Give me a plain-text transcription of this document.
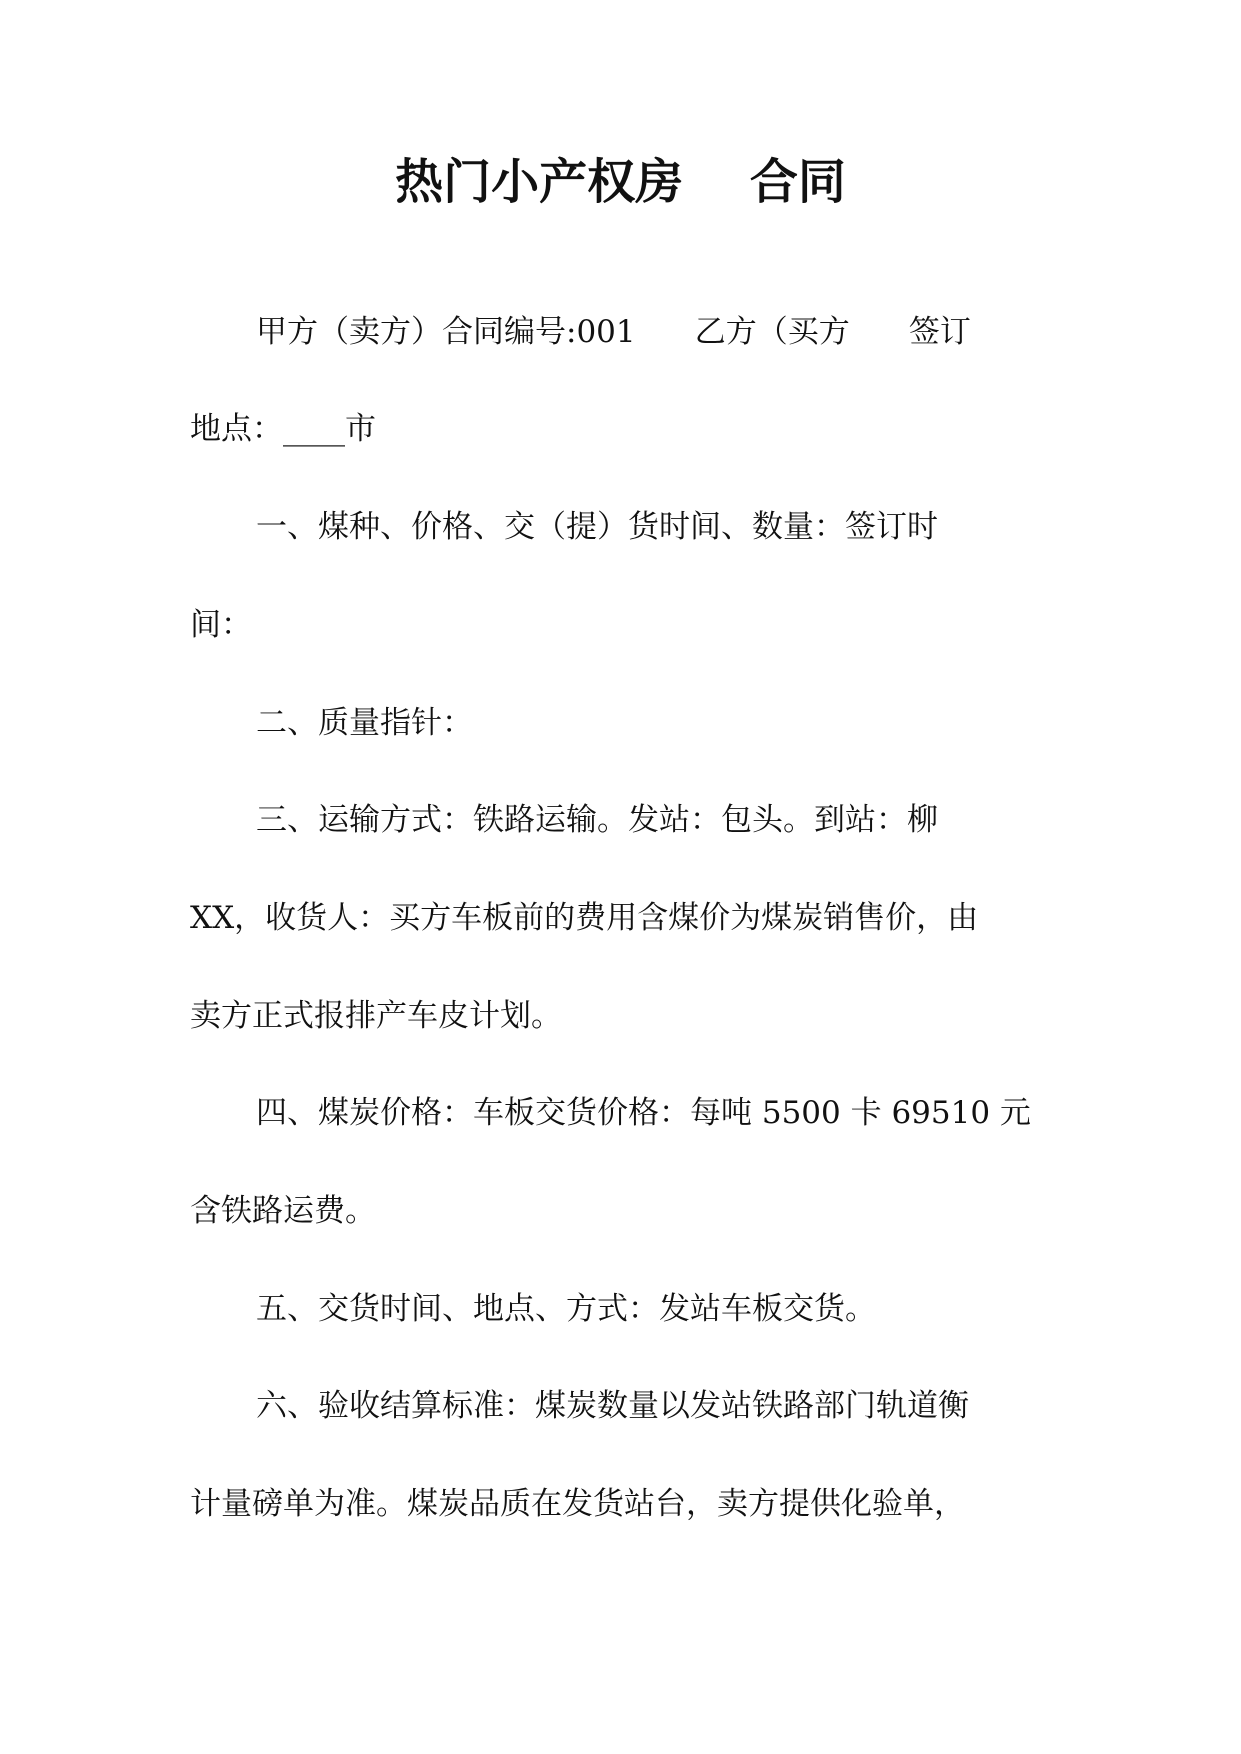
热门小产权房    合同

甲方（卖方）合同编号:001      乙方（买方      签订

地点：____市

一、煤种、价格、交（提）货时间、数量：签订时

间：

二、质量指针：

三、运输方式：铁路运输。发站：包头。到站：柳

XX，收货人：买方车板前的费用含煤价为煤炭销售价，由

卖方正式报排产车皮计划。

四、煤炭价格：车板交货价格：每吨 5500 卡 69510 元

含铁路运费。

五、交货时间、地点、方式：发站车板交货。

六、验收结算标准：煤炭数量以发站铁路部门轨道衡

计量磅单为准。煤炭品质在发货站台，卖方提供化验单，
